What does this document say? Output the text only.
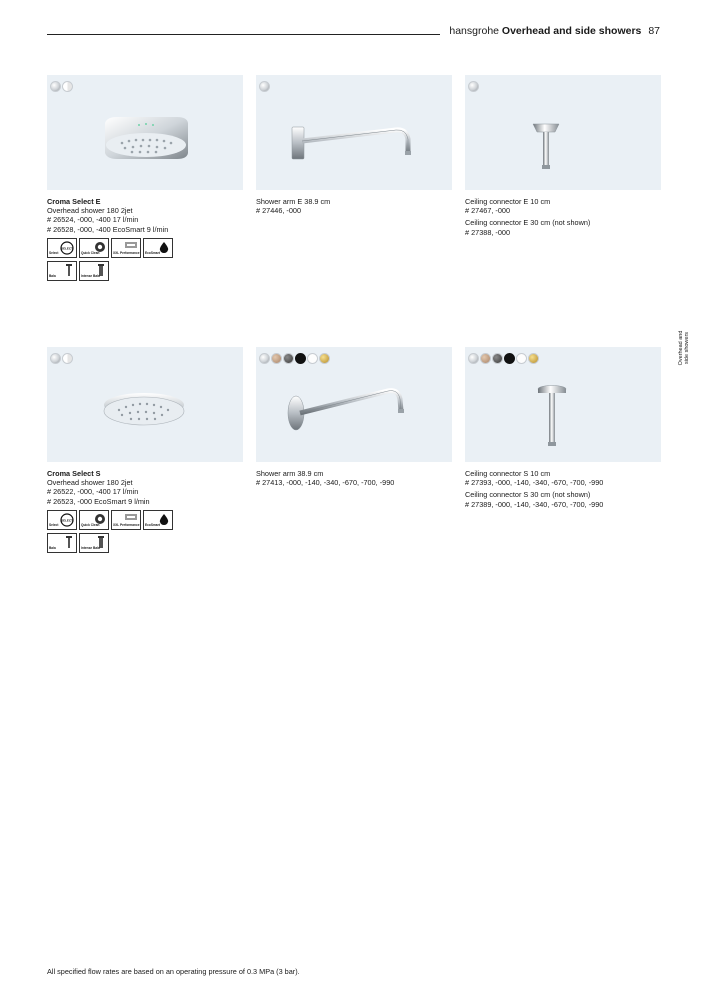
hansgrohe Overhead and side showers 87
Overhead and side showers
Croma Select E
Overhead shower 180 2jet
# 26524, -000, -400 17 l/min
# 26528, -000, -400 EcoSmart 9 l/min
SELECT
Select	Quick Clean	XXL Performance EcoSmart
Bala	Intense Bala
Shower arm E 38.9 cm
# 27446, -000
Ceiling connector E 10 cm
# 27467, -000
Ceiling connector E 30 cm (not shown)
# 27388, -000
Croma Select S
Overhead shower 180 2jet
# 26522, -000, -400 17 l/min
# 26523, -000 EcoSmart 9 l/min
SELECT
Select	Quick Clean	XXL Performance EcoSmart
Bala	Intense Bala
Shower arm 38.9 cm
# 27413, -000, -140, -340, -670, -700, -990
Ceiling connector S 10 cm
# 27393, -000, -140, -340, -670, -700, -990
Ceiling connector S 30 cm (not shown)
# 27389, -000, -140, -340, -670, -700, -990
All specified flow rates are based on an operating pressure of 0.3 MPa (3 bar).
